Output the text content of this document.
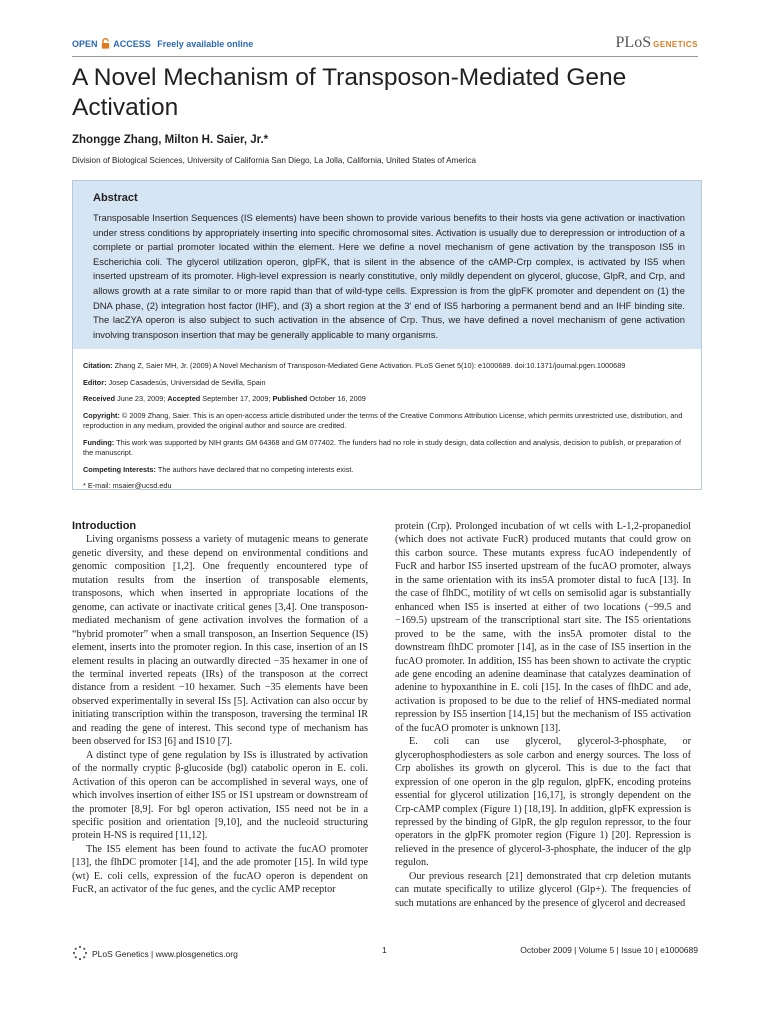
OPEN ACCESS Freely available online	PLoS GENETICS
A Novel Mechanism of Transposon-Mediated Gene Activation
Zhongge Zhang, Milton H. Saier, Jr.*
Division of Biological Sciences, University of California San Diego, La Jolla, California, United States of America
Abstract
Transposable Insertion Sequences (IS elements) have been shown to provide various benefits to their hosts via gene activation or inactivation under stress conditions by appropriately inserting into specific chromosomal sites. Activation is usually due to derepression or introduction of a complete or partial promoter located within the element. Here we define a novel mechanism of gene activation by the transposon IS5 in Escherichia coli. The glycerol utilization operon, glpFK, that is silent in the absence of the cAMP-Crp complex, is activated by IS5 when inserted upstream of its promoter. High-level expression is nearly constitutive, only mildly dependent on glycerol, glucose, GlpR, and Crp, and allows growth at a rate similar to or more rapid than that of wild-type cells. Expression is from the glpFK promoter and dependent on (1) the DNA phase, (2) integration host factor (IHF), and (3) a short region at the 3′ end of IS5 harboring a permanent bend and an IHF binding site. The lacZYA operon is also subject to such activation in the absence of Crp. Thus, we have defined a novel mechanism of gene activation involving transposon insertion that may be generally applicable to many organisms.

Citation: Zhang Z, Saier MH, Jr. (2009) A Novel Mechanism of Transposon-Mediated Gene Activation. PLoS Genet 5(10): e1000689. doi:10.1371/journal.pgen.1000689

Editor: Josep Casadesús, Universidad de Sevilla, Spain

Received June 23, 2009; Accepted September 17, 2009; Published October 16, 2009

Copyright: © 2009 Zhang, Saier. This is an open-access article distributed under the terms of the Creative Commons Attribution License, which permits unrestricted use, distribution, and reproduction in any medium, provided the original author and source are credited.

Funding: This work was supported by NIH grants GM 64368 and GM 077402. The funders had no role in study design, data collection and analysis, decision to publish, or preparation of the manuscript.

Competing Interests: The authors have declared that no competing interests exist.

* E-mail: msaier@ucsd.edu

Introduction

Living organisms possess a variety of mutagenic means to generate genetic diversity, and these depend on environmental conditions and genomic composition [1,2]. One frequently encountered type of mutation results from the insertion of transposable elements, transposons, which when inserted in appropriate locations of the genome, can activate or inactivate critical genes [3,4]. One transposon-mediated mechanism of gene activation involves the formation of a “hybrid promoter” when a small transposon, an Insertion Sequence (IS) element, inserts into the promoter region. In this case, insertion of an IS element results in placing an outwardly directed −35 hexamer in one of the terminal inverted repeats (IRs) of the transposon at the correct distance from a resident −10 hexamer. Such −35 elements have been observed experimentally in several ISs [5]. Activation can also occur by initiating transcription within the transposon, traversing the terminal IR and reading the gene of interest. This second type of mechanism has been observed for IS3 [6] and IS10 [7].

A distinct type of gene regulation by ISs is illustrated by activation of the normally cryptic β-glucoside (bgl) catabolic operon in E. coli. Activation of this operon can be accomplished in several ways, one of which involves insertion of either IS5 or IS1 upstream or downstream of the promoter [8,9]. For bgl operon activation, IS5 need not be in a specific position and orientation [9,10], and the nucleoid structuring protein H-NS is required [11,12].

The IS5 element has been found to activate the fucAO promoter [13], the flhDC promoter [14], and the ade promoter [15]. In wild type (wt) E. coli cells, expression of the fucAO operon is dependent on FucR, an activator of the fuc genes, and the cyclic AMP receptor

protein (Crp). Prolonged incubation of wt cells with L-1,2-propanediol (which does not activate FucR) produced mutants that could grow on this carbon source. These mutants express fucAO independently of FucR and harbor IS5 inserted upstream of the fucAO promoter, always in the same orientation with its ins5A promoter distal to fucA [13]. In the case of flhDC, motility of wt cells on semisolid agar is substantially enhanced when IS5 is inserted at either of two locations (−99.5 and −169.5) upstream of the transcriptional start site. The IS5 orientations proved to be the same, with the ins5A promoter distal to the downstream flhDC promoter [14], as in the case of IS5 insertion in the fucAO promoter. In addition, IS5 has been shown to activate the cryptic ade gene encoding an adenine deaminase that catalyzes deamination of adenine to hypoxanthine in E. coli [15]. In the cases of flhDC and ade, activation is proposed to be due to the relief of HNS-mediated normal repression by IS5 insertion [14,15] but the mechanism of IS5 activation of the fucAO promoter is unknown [13].

E. coli can use glycerol, glycerol-3-phosphate, or glycerophosphodiesters as sole carbon and energy sources. The loss of Crp abolishes its growth on glycerol. This is due to the fact that expression of one operon in the glp regulon, glpFK, encoding proteins essential for glycerol utilization [16,17], is strongly dependent on the Crp-cAMP complex (Figure 1) [18,19]. In addition, glpFK expression is repressed by the binding of GlpR, the glp regulon repressor, to the four operators in the glpFK promoter region (Figure 1) [20]. Repression is relieved in the presence of glycerol-3-phosphate, the inducer of the glp regulon.

Our previous research [21] demonstrated that crp deletion mutants can mutate specifically to utilize glycerol (Glp+). The frequencies of such mutations are enhanced by the presence of glycerol and decreased

PLoS Genetics | www.plosgenetics.org	1	October 2009 | Volume 5 | Issue 10 | e1000689
